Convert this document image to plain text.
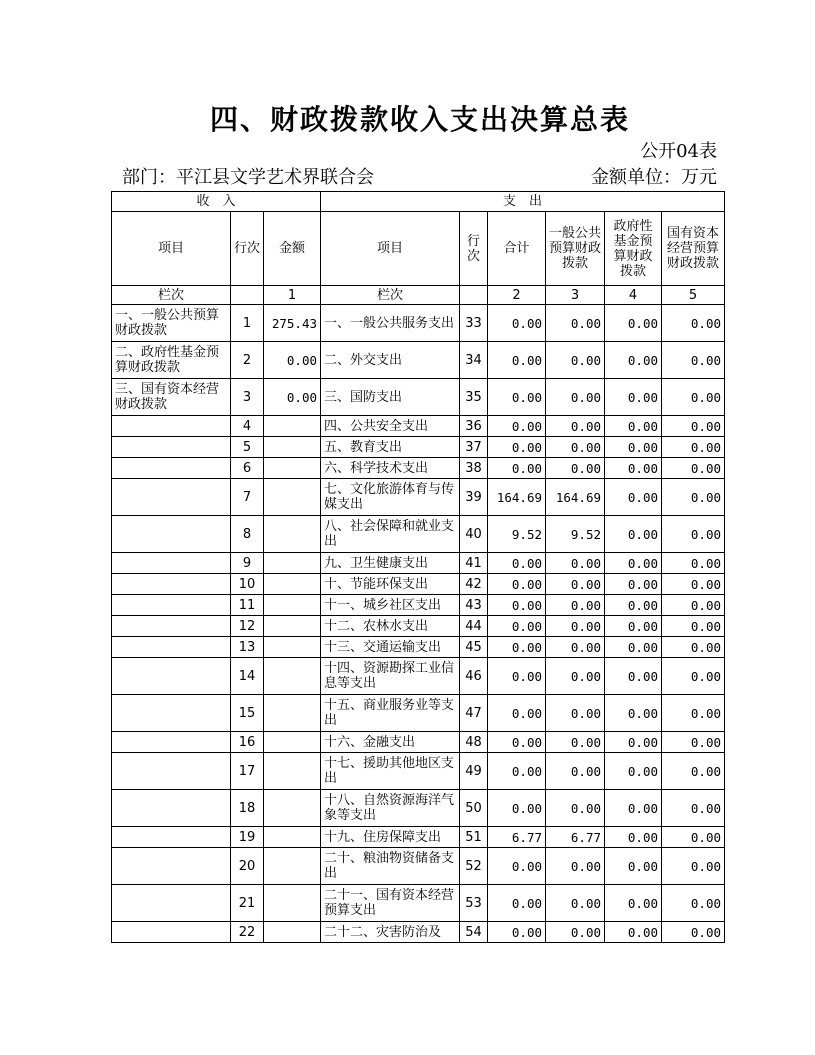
四、财政拨款收入支出决算总表
公开04表
部门：平江县文学艺术界联合会	金额单位：万元
收　入			支　出					
项目	行次	金额	项目	行次	合计	一般公共预算财政拨款	政府性基金预算财政拨款	国有资本经营预算财政拨款
栏次		1	栏次		2	3	4	5
一、一般公共预算财政拨款	1	275.43	一、一般公共服务支出	33	0.00	0.00	0.00	0.00
二、政府性基金预算财政拨款	2	0.00	二、外交支出	34	0.00	0.00	0.00	0.00
三、国有资本经营财政拨款	3	0.00	三、国防支出	35	0.00	0.00	0.00	0.00
	4		四、公共安全支出	36	0.00	0.00	0.00	0.00
	5		五、教育支出	37	0.00	0.00	0.00	0.00
	6		六、科学技术支出	38	0.00	0.00	0.00	0.00
	7		七、文化旅游体育与传媒支出	39	164.69	164.69	0.00	0.00
	8		八、社会保障和就业支出	40	9.52	9.52	0.00	0.00
	9		九、卫生健康支出	41	0.00	0.00	0.00	0.00
	10		十、节能环保支出	42	0.00	0.00	0.00	0.00
	11		十一、城乡社区支出	43	0.00	0.00	0.00	0.00
	12		十二、农林水支出	44	0.00	0.00	0.00	0.00
	13		十三、交通运输支出	45	0.00	0.00	0.00	0.00
	14		十四、资源勘探工业信息等支出	46	0.00	0.00	0.00	0.00
	15		十五、商业服务业等支出	47	0.00	0.00	0.00	0.00
	16		十六、金融支出	48	0.00	0.00	0.00	0.00
	17		十七、援助其他地区支出	49	0.00	0.00	0.00	0.00
	18		十八、自然资源海洋气象等支出	50	0.00	0.00	0.00	0.00
	19		十九、住房保障支出	51	6.77	6.77	0.00	0.00
	20		二十、粮油物资储备支出	52	0.00	0.00	0.00	0.00
	21		二十一、国有资本经营预算支出	53	0.00	0.00	0.00	0.00
	22		二十二、灾害防治及	54	0.00	0.00	0.00	0.00
